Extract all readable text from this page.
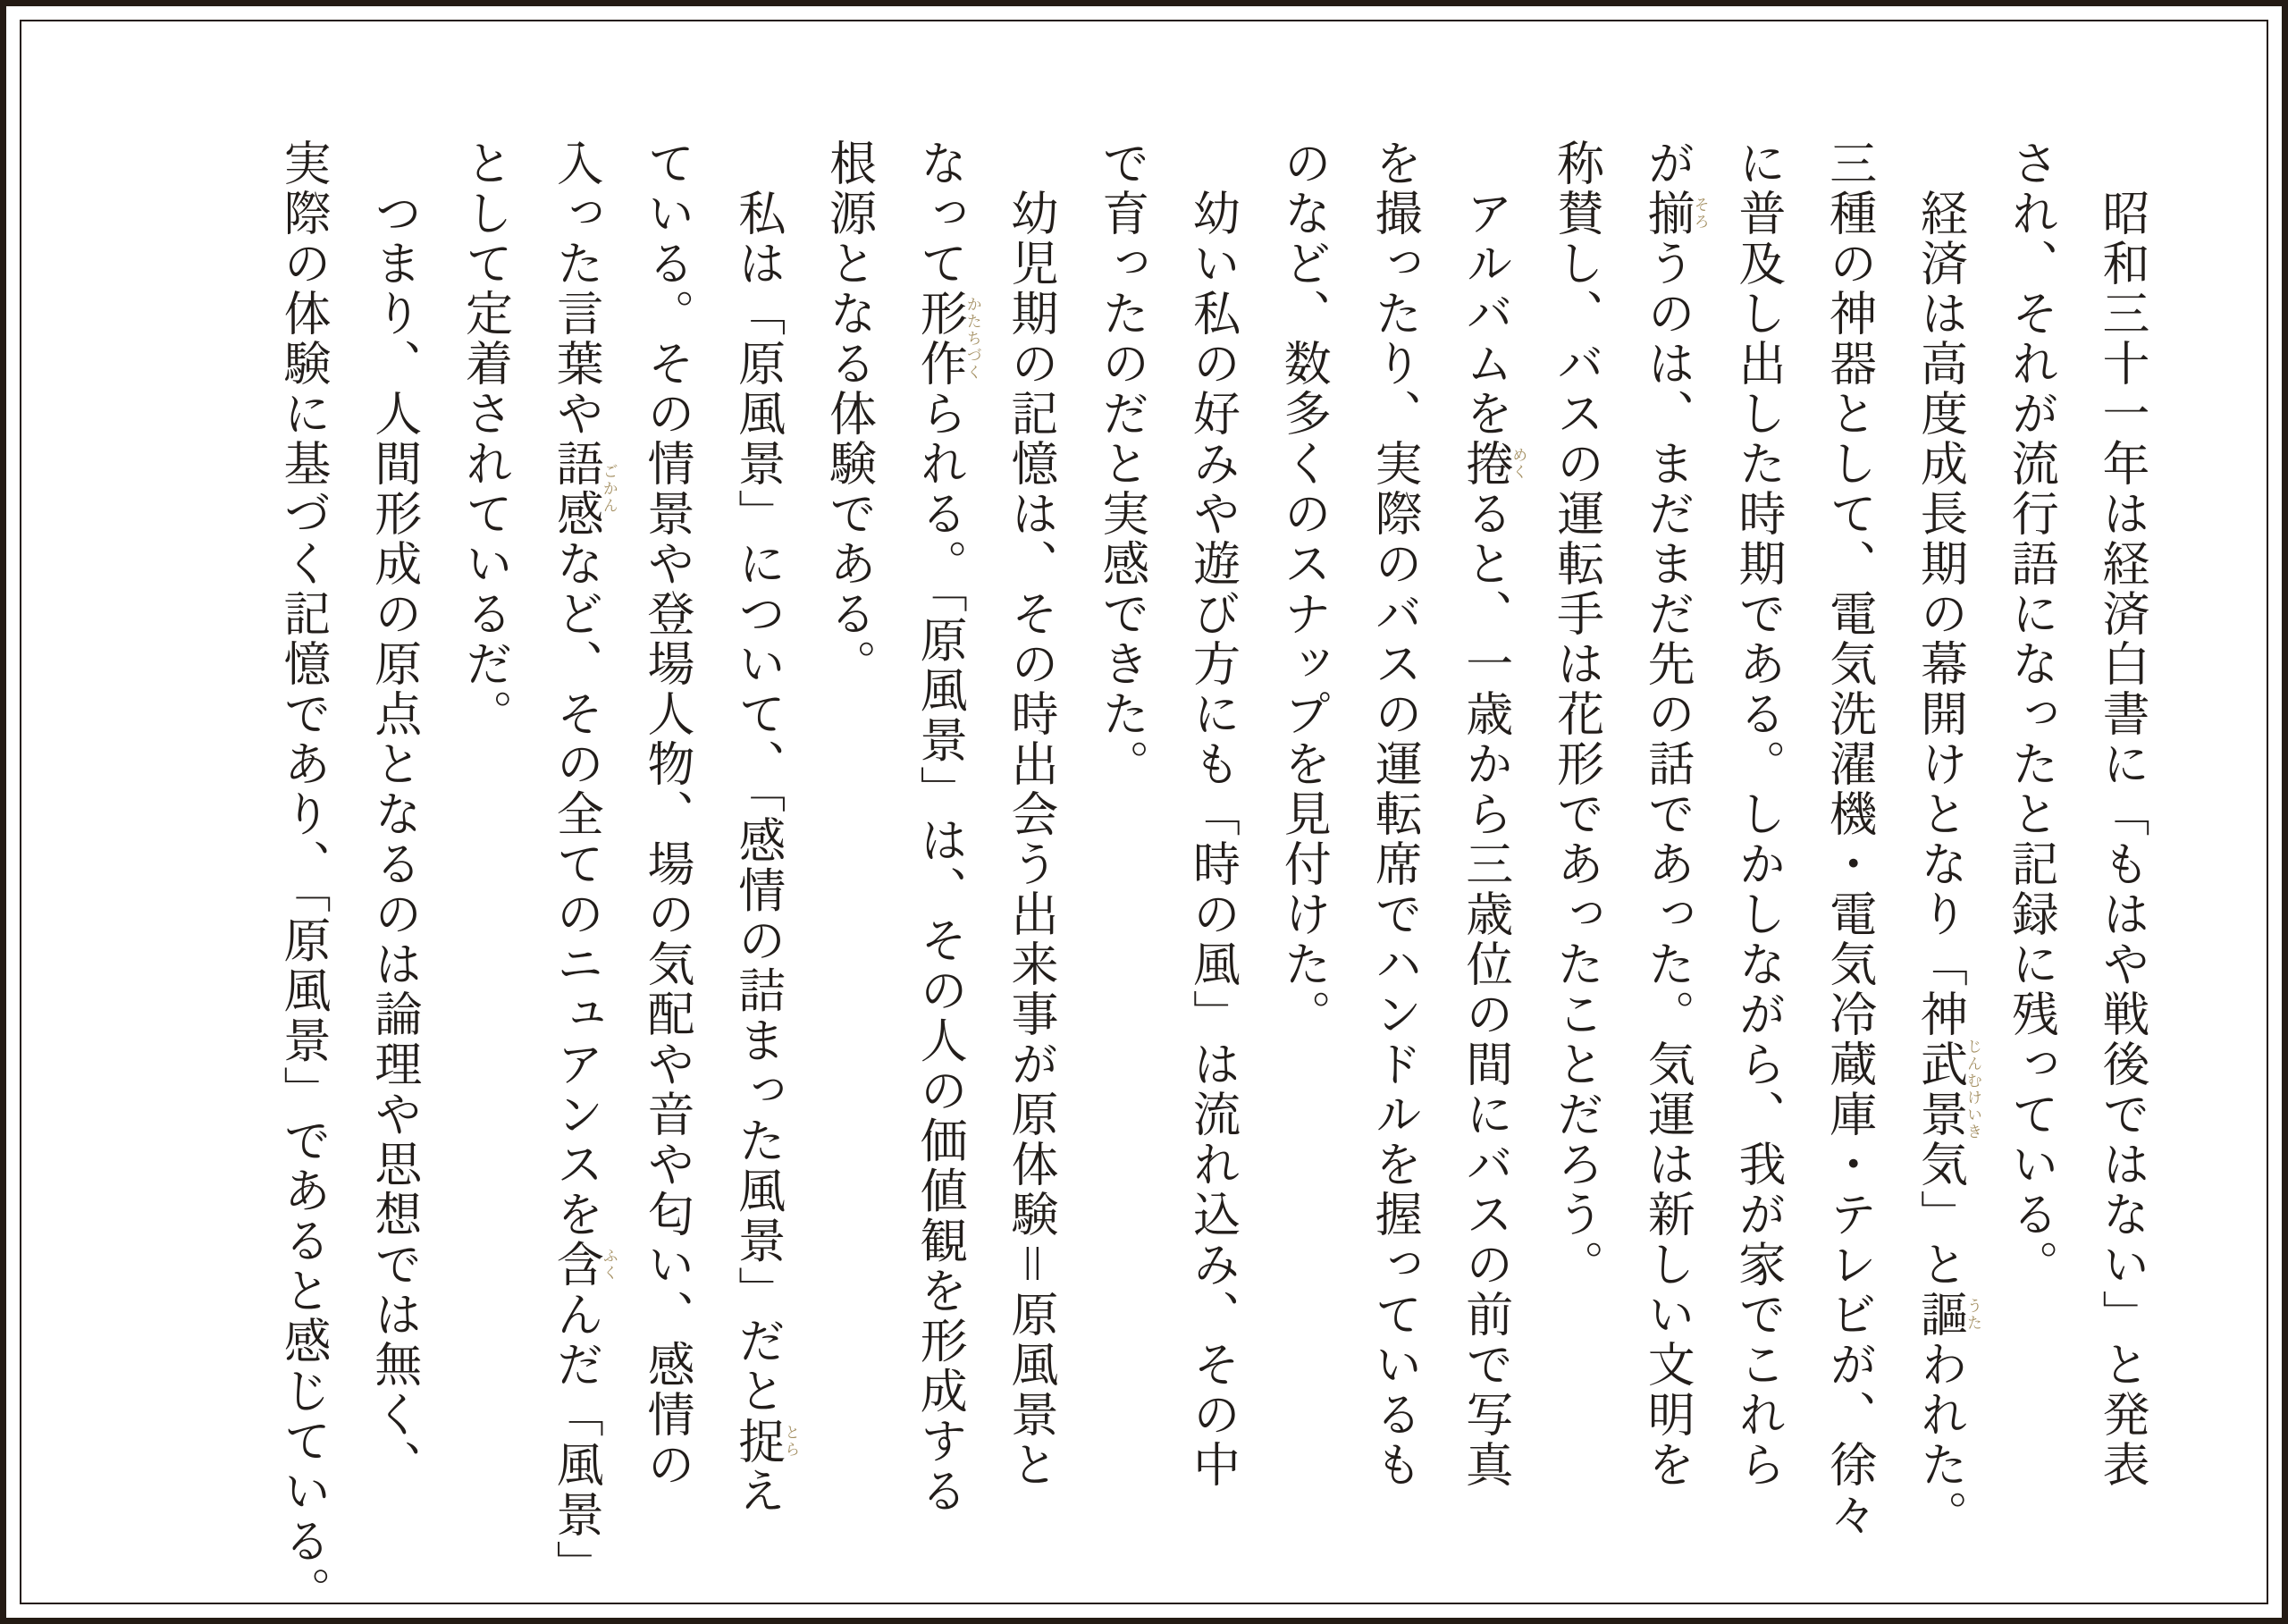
昭和三十一年は経済白書に「もはや戦後ではない」と発表
され、それが流行語になったと記録に残っている。
経済は高度成長期の幕開けとなり「神武景気じんむけいき」と謳うたわれた。
三種の神器として、電気洗濯機・電気冷蔵庫・テレビが、徐々
に普及し出した時期である。しかしながら、我が家でこれら
が揃そろうのは、まだまだ先の話であった。気運は新しい文明を
称賛し、バスの運転手は花形であったことだろう。
アルバムを捲めくると、一歳から三歳位の間にバスの前で写真
を撮ったり、実際のバスの運転席でハンドルを握っているも
のなど、数多くのスナップを見付けた。
幼い私の好みや遊び方にも「時の風」は流れ込み、その中
で育ったのだと実感できた。
幼児期の記憶は、その時出会う出来事が原体験＝原風景と
なって形作かたちづくられる。「原風景」は、その人の価値観を形成する
根源となる体験である。
私は「原風景」について、「感情の詰まった風景」だと捉とらえ
ている。その情景や登場人物、場の気配や音や匂い、感情の
入った言葉や語感ごかんなど、その全てのニュアンスを含ふくんだ「風景」
として定着されているだ。
つまり、人間形成の原点となるのは論理や思想では無く、
実際の体験に基づく記憶であり、「原風景」であると感じている。
